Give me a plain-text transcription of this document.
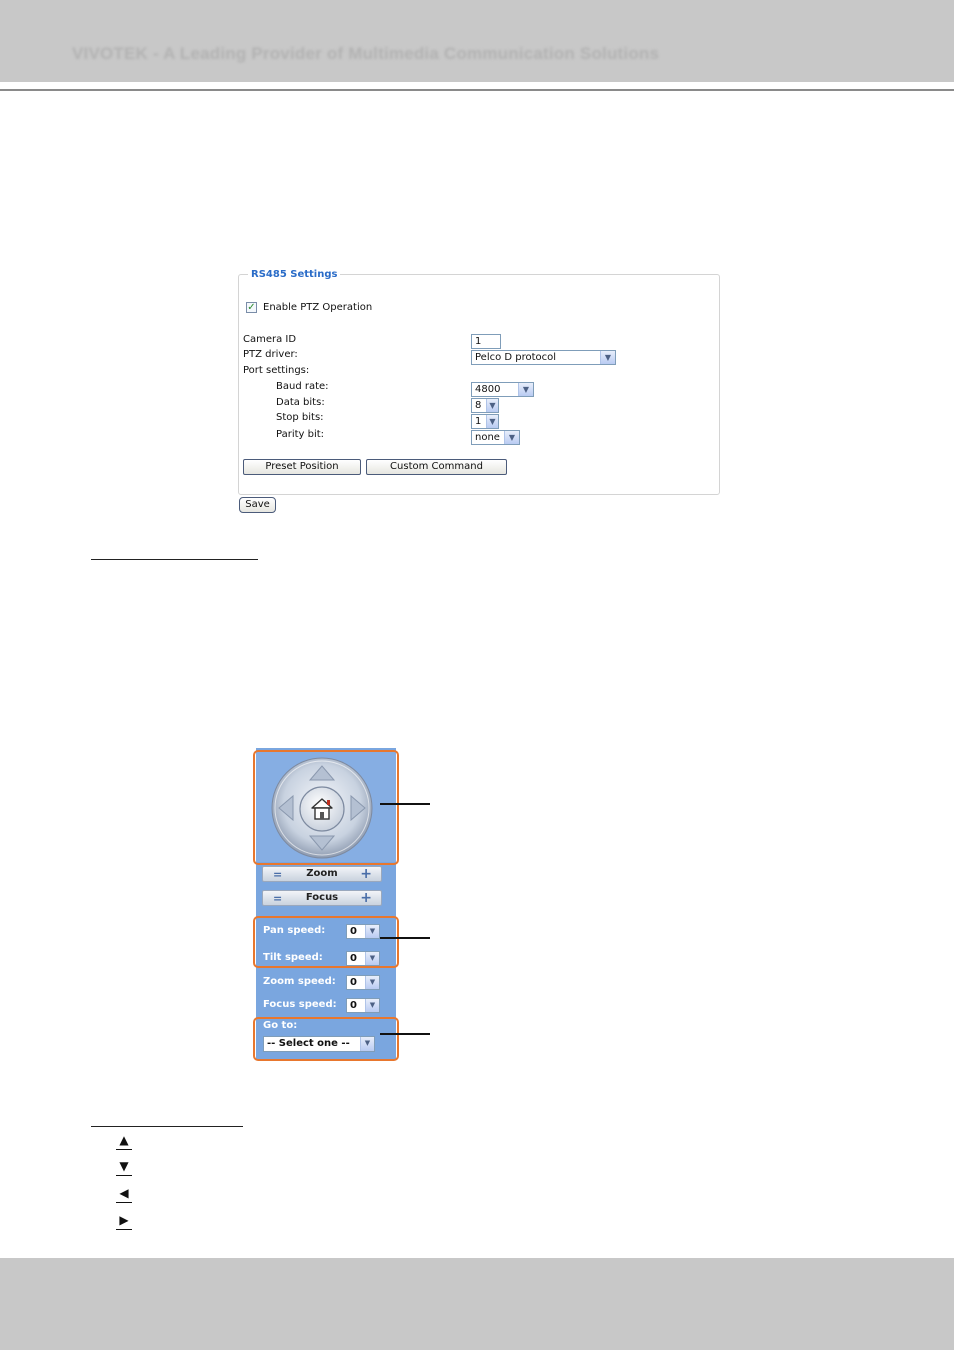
VIVOTEK - A Leading Provider of Multimedia Communication Solutions
RS485 Settings
✓ Enable PTZ Operation
Camera ID	1
PTZ driver:	Pelco D protocol	▼
Port settings:
Baud rate:	4800	▼
Data bits:	8	▼
Stop bits:	1	▼
Parity bit:	none	▼
Preset Position	Custom Command
Save
=	Zoom	+
=	Focus	+
Pan speed:	0	▼
Tilt speed:	0	▼
Zoom speed:	0	▼
Focus speed:	0	▼
Go to:
-- Select one --	▼
▲
▼
◀
▶
